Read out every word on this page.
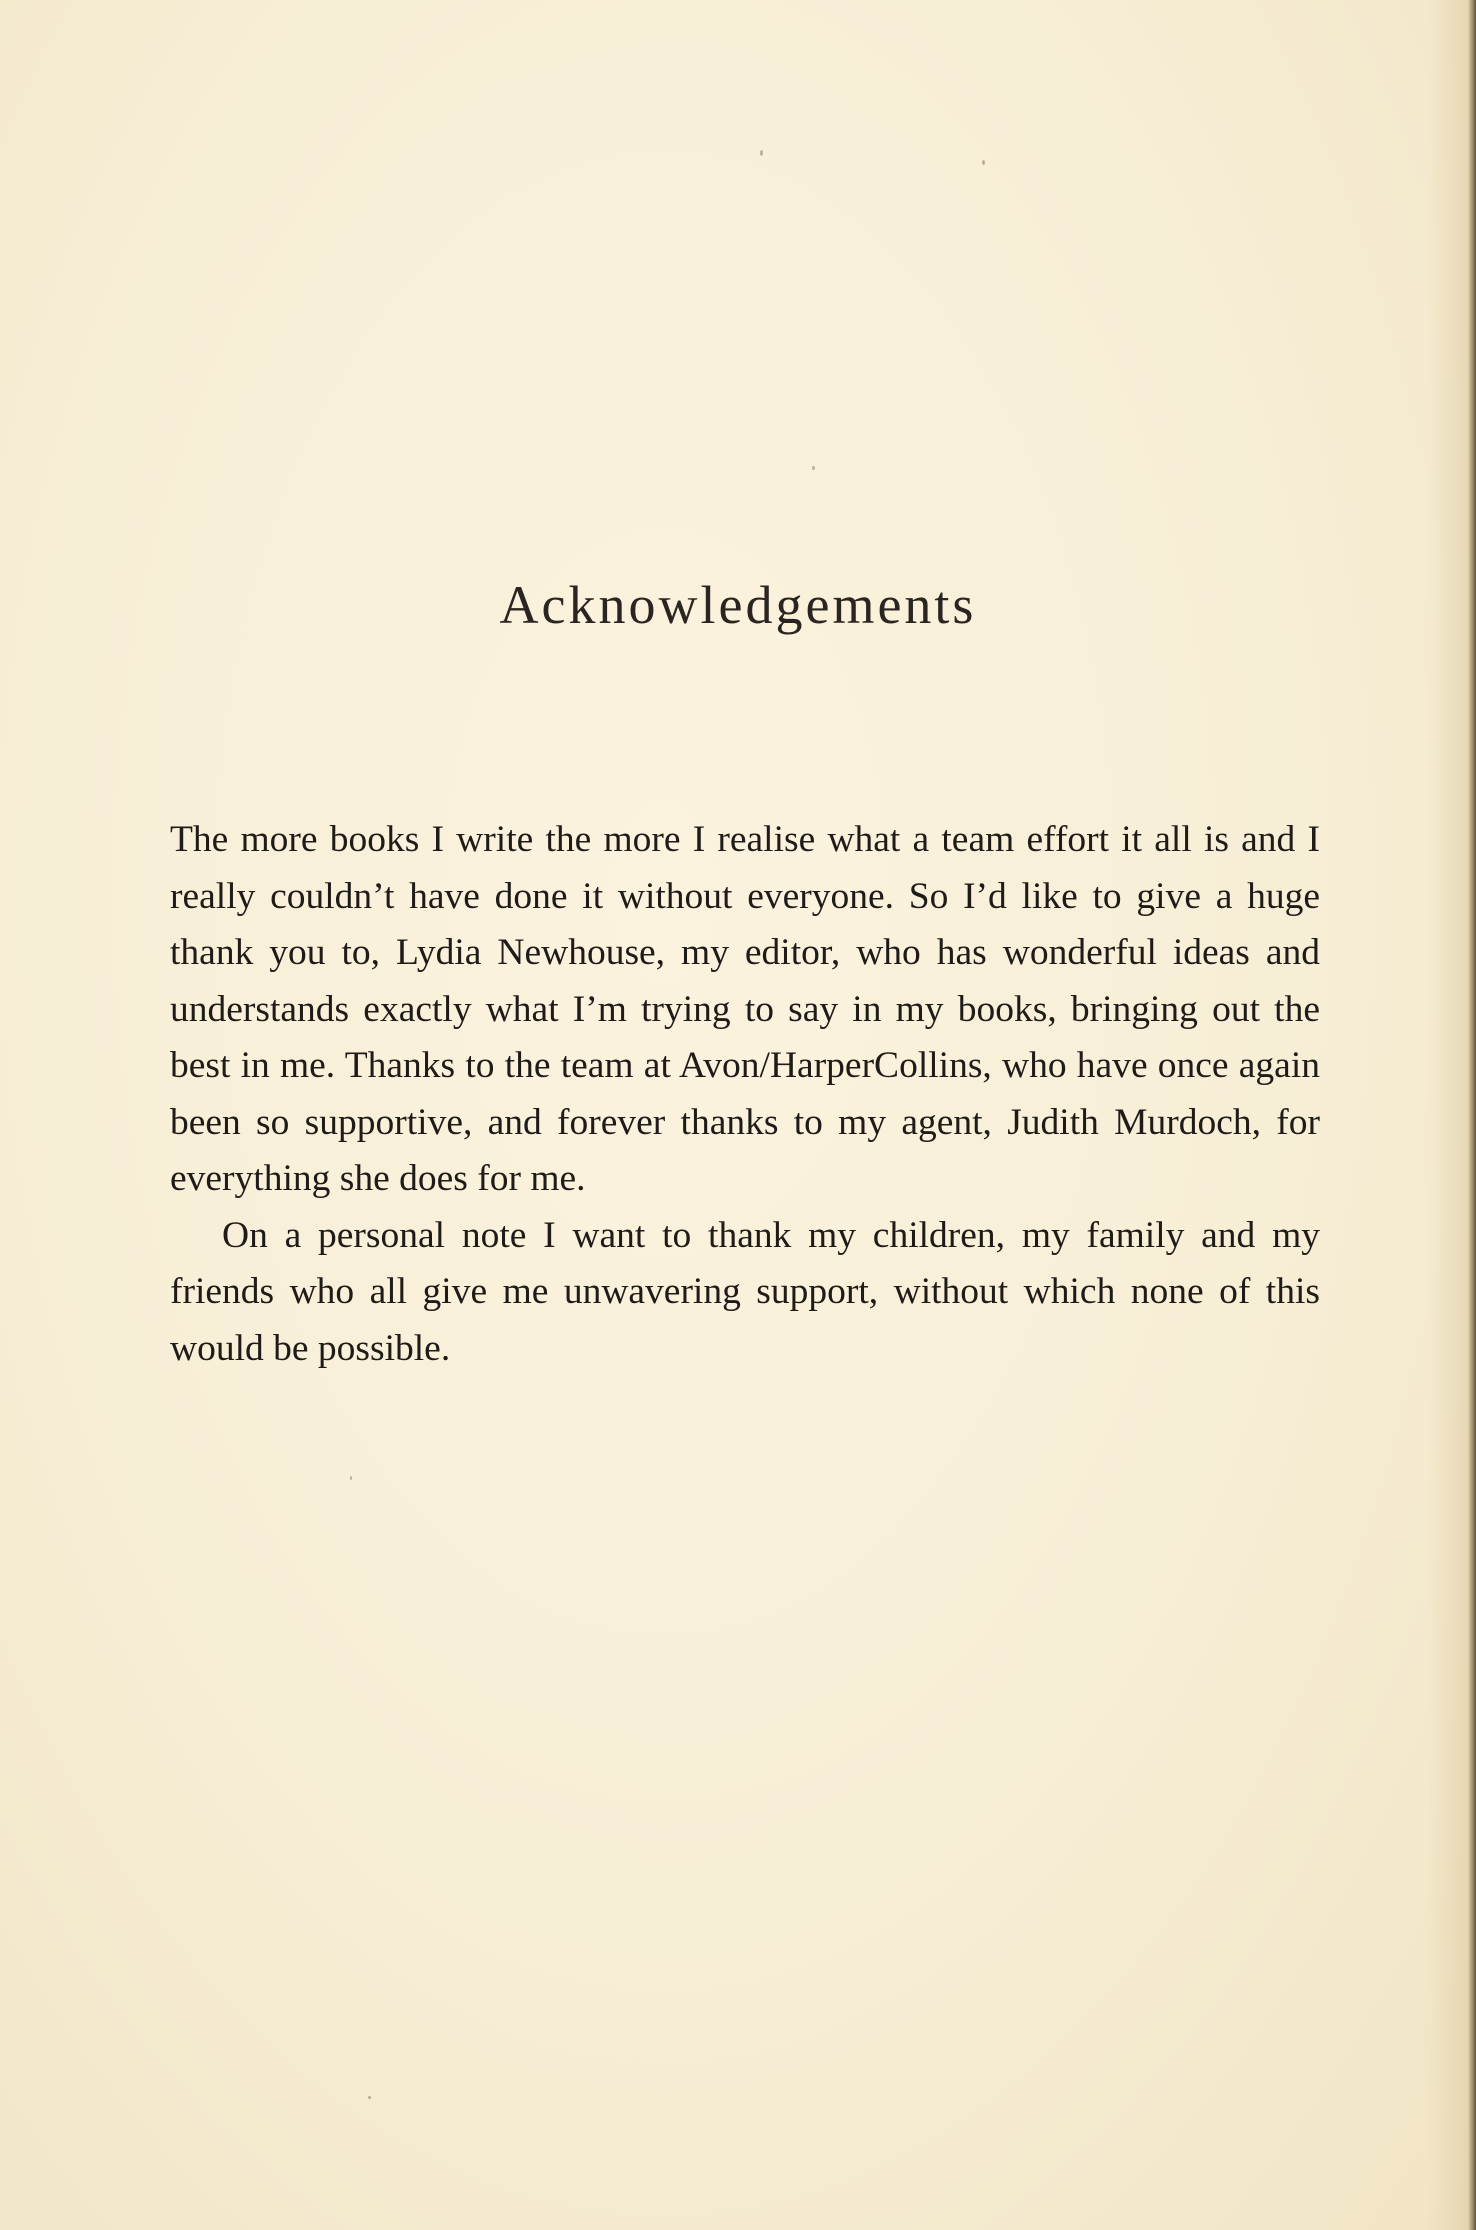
Acknowledgements

The more books I write the more I realise what a team effort it all is and I really couldn’t have done it without everyone. So I’d like to give a huge thank you to, Lydia Newhouse, my editor, who has wonderful ideas and understands exactly what I’m trying to say in my books, bringing out the best in me. Thanks to the team at Avon/HarperCollins, who have once again been so supportive, and forever thanks to my agent, Judith Murdoch, for everything she does for me.

On a personal note I want to thank my children, my family and my friends who all give me unwavering support, without which none of this would be possible.
